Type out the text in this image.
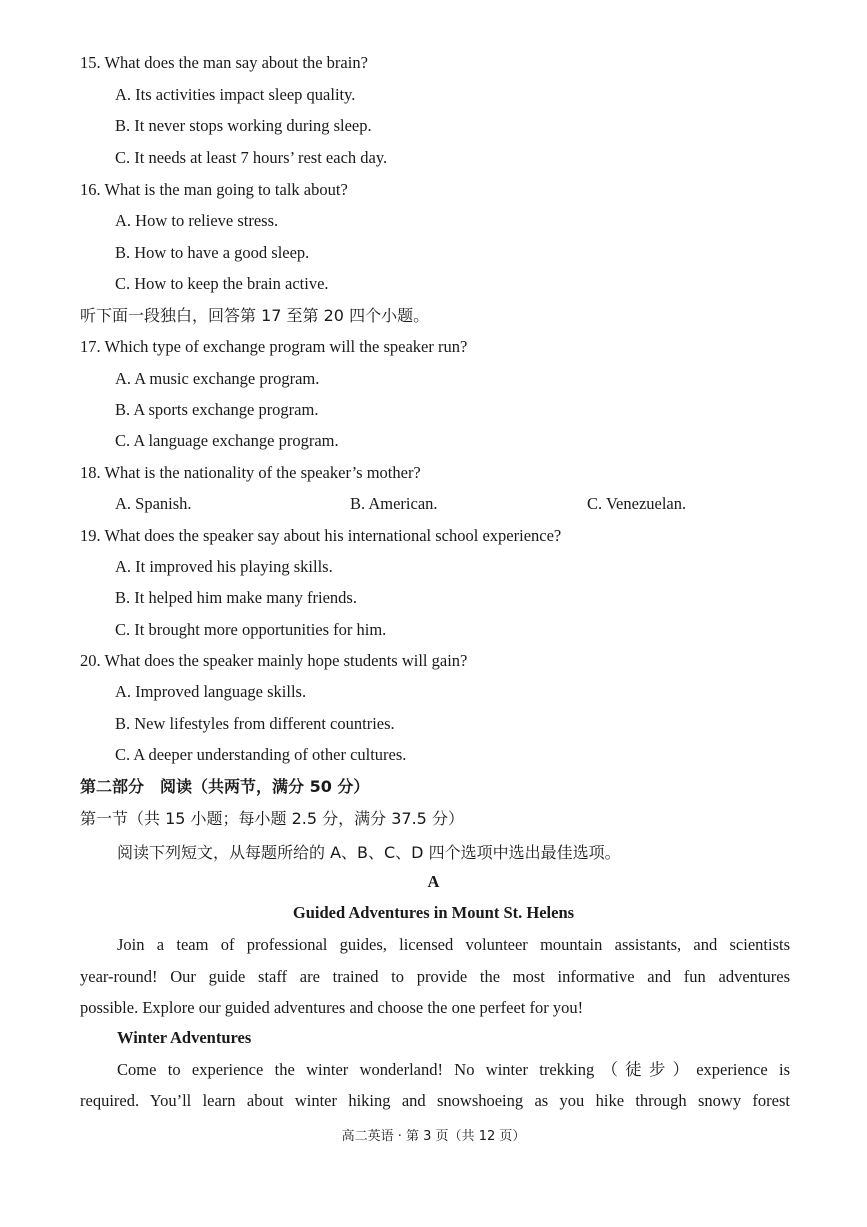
15. What does the man say about the brain?
A. Its activities impact sleep quality.
B. It never stops working during sleep.
C. It needs at least 7 hours’ rest each day.
16. What is the man going to talk about?
A. How to relieve stress.
B. How to have a good sleep.
C. How to keep the brain active.
听下面一段独白，回答第 17 至第 20 四个小题。
17. Which type of exchange program will the speaker run?
A. A music exchange program.
B. A sports exchange program.
C. A language exchange program.
18. What is the nationality of the speaker’s mother?
A. Spanish.	B. American.	C. Venezuelan.
19. What does the speaker say about his international school experience?
A. It improved his playing skills.
B. It helped him make many friends.
C. It brought more opportunities for him.
20. What does the speaker mainly hope students will gain?
A. Improved language skills.
B. New lifestyles from different countries.
C. A deeper understanding of other cultures.
第二部分　阅读（共两节，满分 50 分）
第一节（共 15 小题；每小题 2.5 分，满分 37.5 分）
阅读下列短文，从每题所给的 A、B、C、D 四个选项中选出最佳选项。
A
Guided Adventures in Mount St. Helens
Join a team of professional guides, licensed volunteer mountain assistants, and scientists
year-round! Our guide staff are trained to provide the most informative and fun adventures
possible. Explore our guided adventures and choose the one perfeet for you!
Winter Adventures
Come to experience the winter wonderland! No winter trekking（徒步）experience is
required. You’ll learn about winter hiking and snowshoeing as you hike through snowy forest
高二英语 · 第 3 页（共 12 页）
